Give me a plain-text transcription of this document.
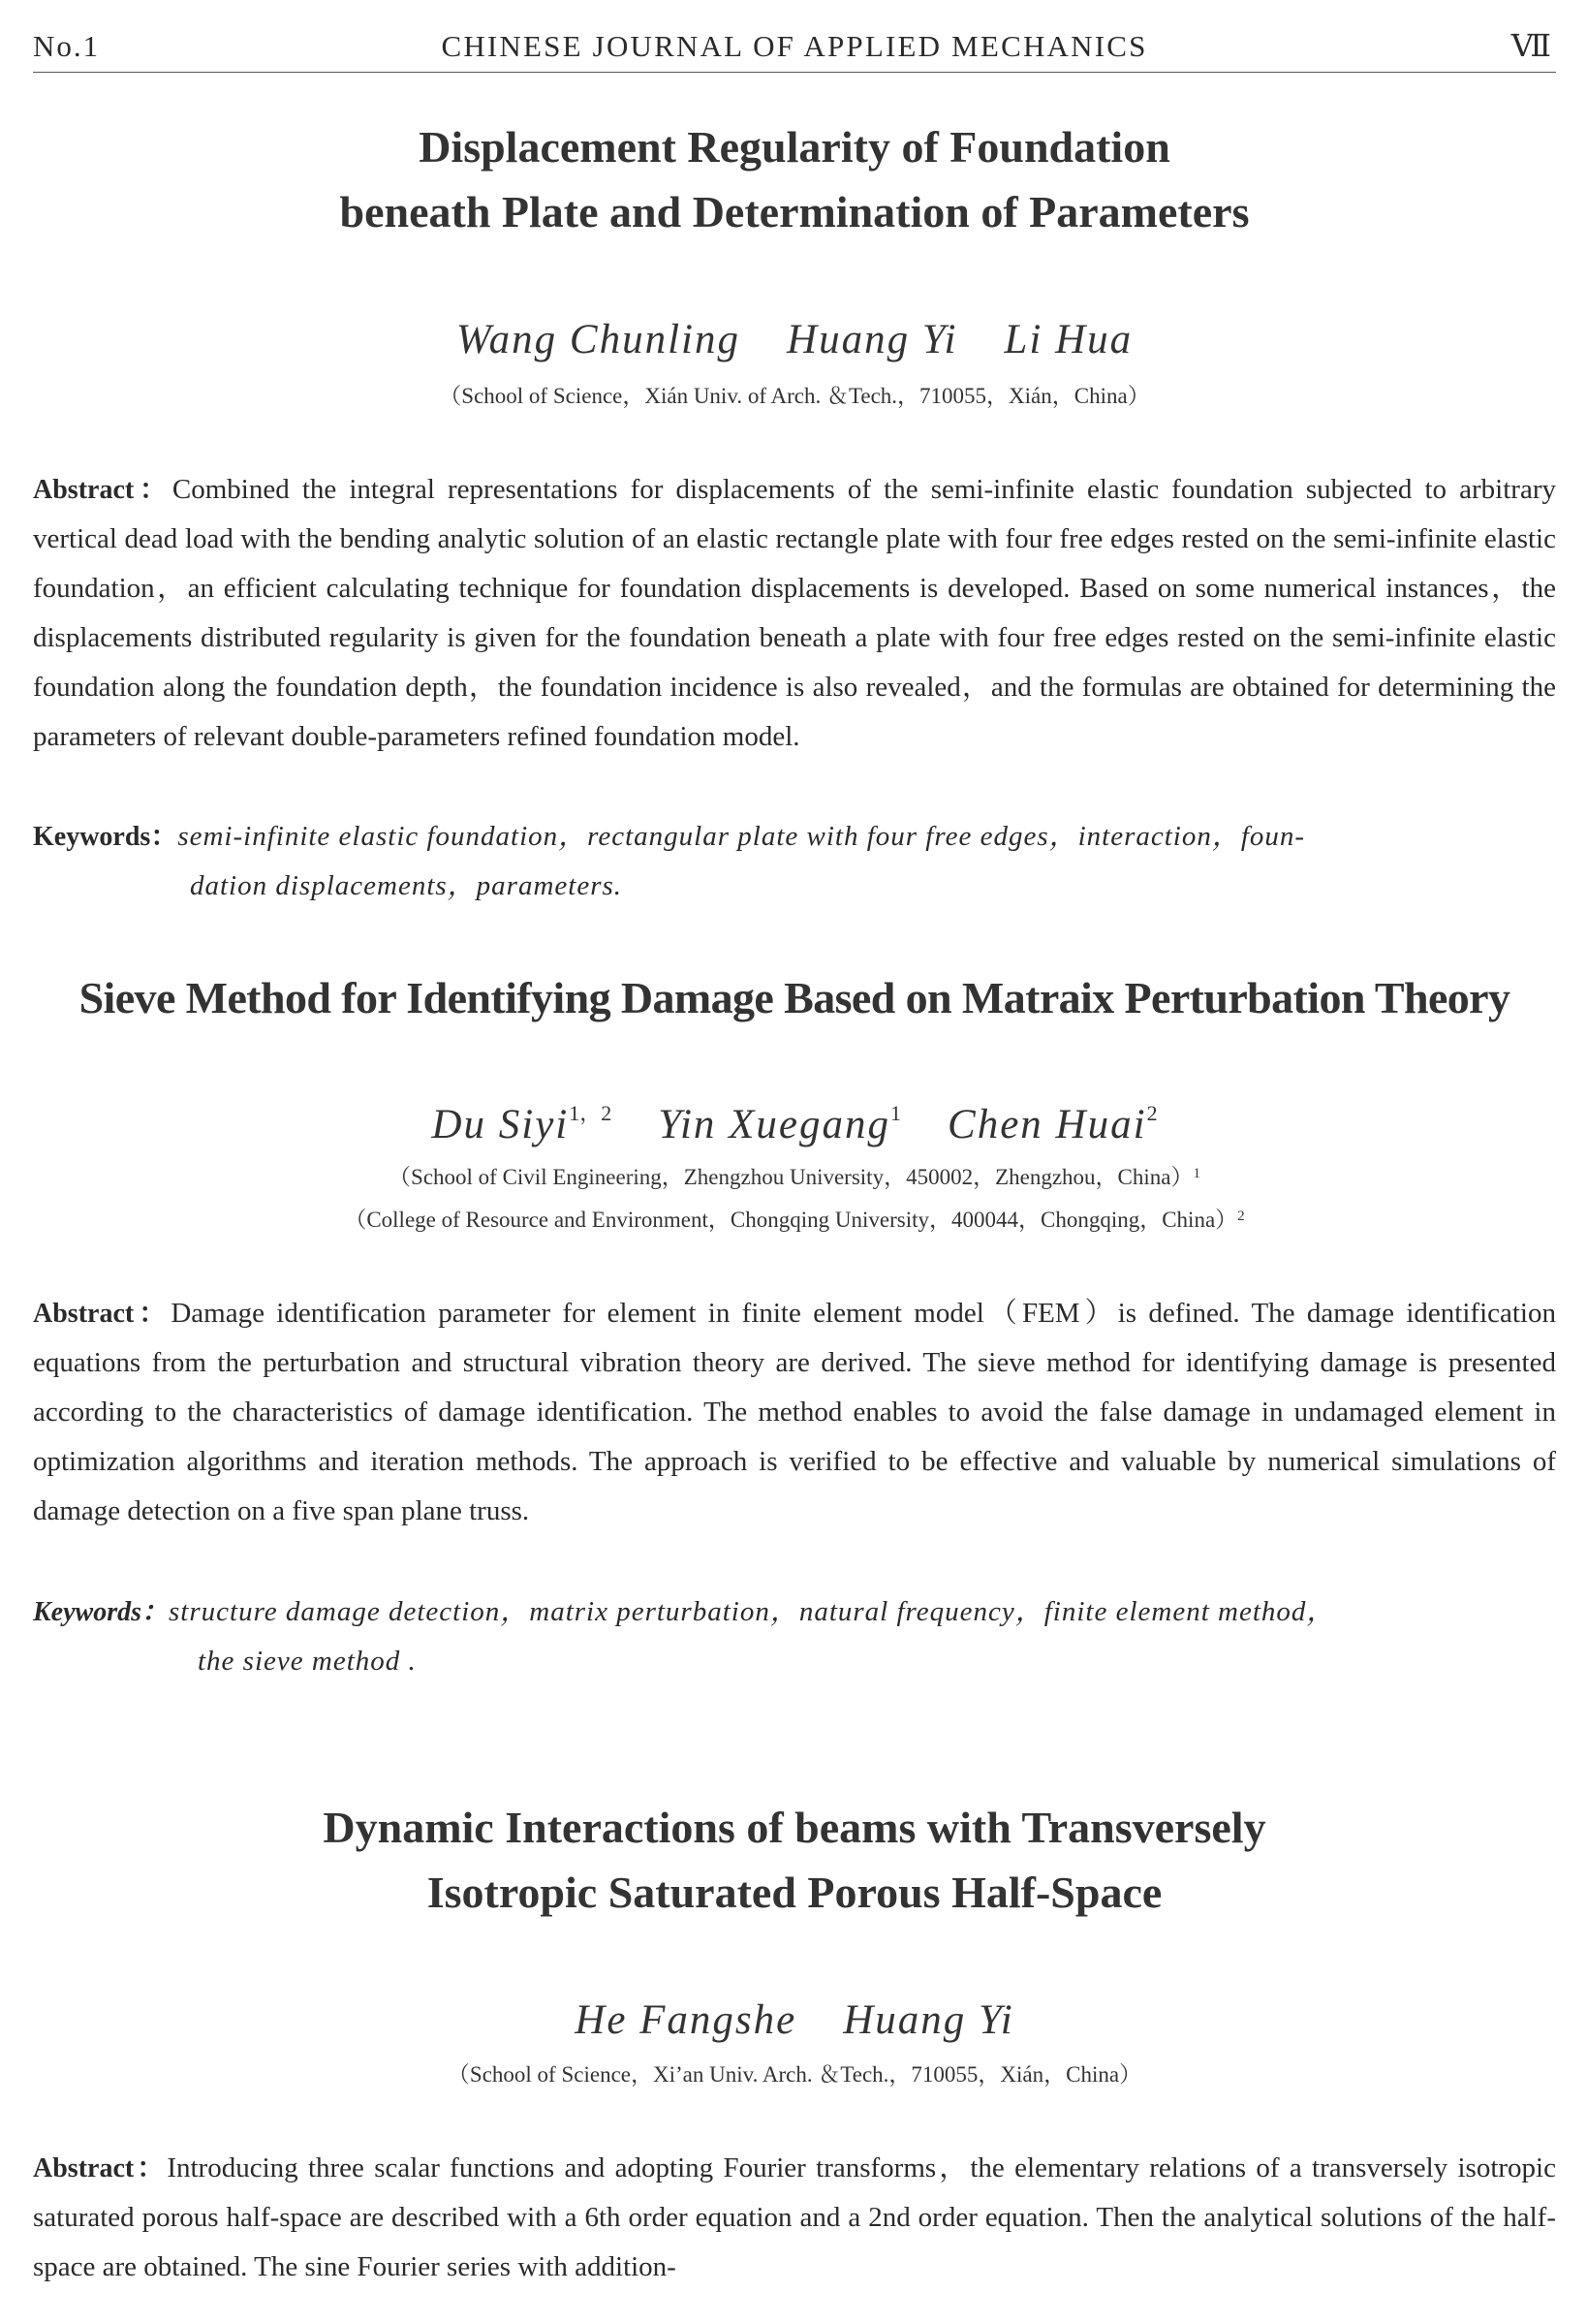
No.1	CHINESE JOURNAL OF APPLIED MECHANICS	Ⅶ
Displacement Regularity of Foundation
beneath Plate and Determination of Parameters
Wang Chunling Huang Yi Li Hua
（School of Science，Xián Univ. of Arch. ＆Tech.，710055，Xián，China）
Abstract：Combined the integral representations for displacements of the semi-infinite elastic foundation subjected to arbitrary vertical dead load with the bending analytic solution of an elastic rectangle plate with four free edges rested on the semi-infinite elastic foundation，an efficient calculating technique for foundation displacements is developed. Based on some numerical instances，the displacements distributed regularity is given for the foundation beneath a plate with four free edges rested on the semi-infinite elastic foundation along the foundation depth，the foundation incidence is also revealed，and the formulas are obtained for determining the parameters of relevant double-parameters refined foundation model.
Keywords：semi-infinite elastic foundation，rectangular plate with four free edges，interaction，foun-
dation displacements，parameters.
Sieve Method for Identifying Damage Based on Matraix Perturbation Theory
Du Siyi$^{1,2}$ Yin Xuegang$^1$ Chen Huai$^2$
（School of Civil Engineering，Zhengzhou University，450002，Zhengzhou，China）$^1$
（College of Resource and Environment，Chongqing University，400044，Chongqing，China）$^2$
Abstract：Damage identification parameter for element in finite element model（FEM）is defined. The damage identification equations from the perturbation and structural vibration theory are derived. The sieve method for identifying damage is presented according to the characteristics of damage identification. The method enables to avoid the false damage in undamaged element in optimization algorithms and iteration methods. The approach is verified to be effective and valuable by numerical simulations of damage detection on a five span plane truss.
Keywords：structure damage detection，matrix perturbation，natural frequency，finite element method，
the sieve method .
Dynamic Interactions of beams with Transversely
Isotropic Saturated Porous Half-Space
He Fangshe Huang Yi
（School of Science，Xi’an Univ. Arch. ＆Tech.，710055，Xián，China）
Abstract：Introducing three scalar functions and adopting Fourier transforms，the elementary relations of a transversely isotropic saturated porous half-space are described with a 6th order equation and a 2nd order equation. Then the analytical solutions of the half-space are obtained. The sine Fourier series with addition-
